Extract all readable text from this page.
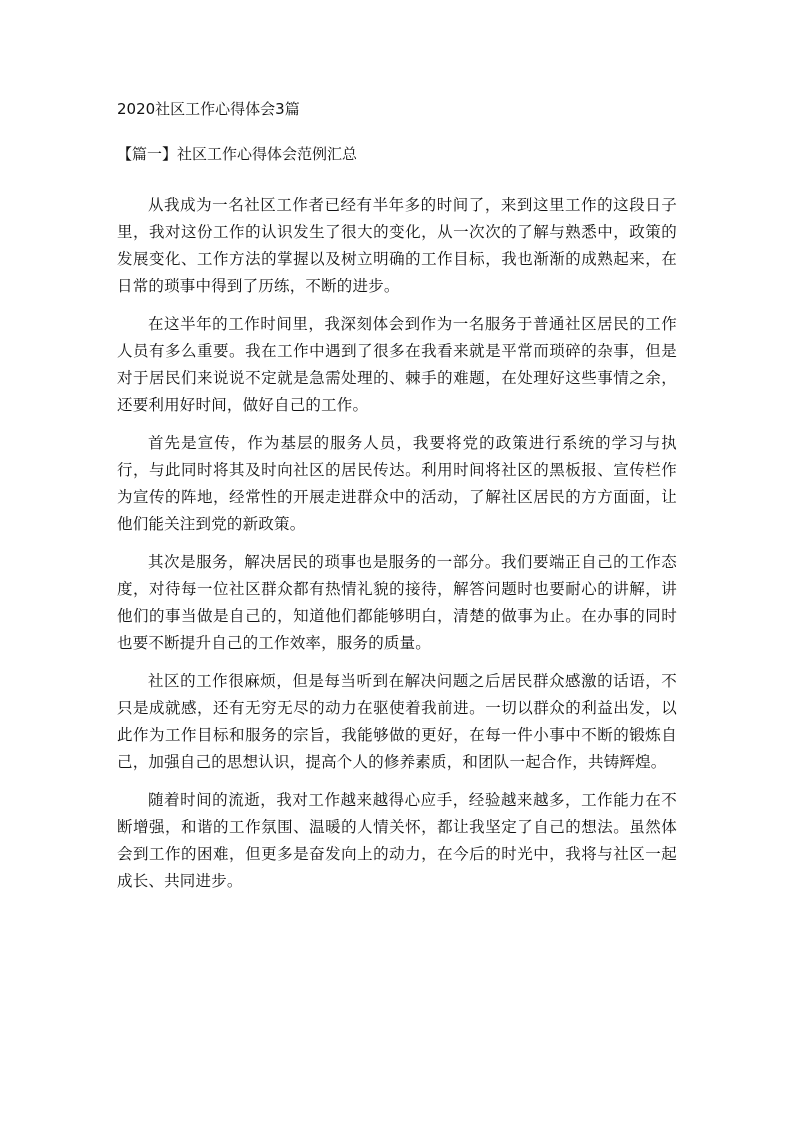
2020社区工作心得体会3篇
【篇一】社区工作心得体会范例汇总

从我成为一名社区工作者已经有半年多的时间了，来到这里工作的这段日子里，我对这份工作的认识发生了很大的变化，从一次次的了解与熟悉中，政策的发展变化、工作方法的掌握以及树立明确的工作目标，我也渐渐的成熟起来，在日常的琐事中得到了历练，不断的进步。

在这半年的工作时间里，我深刻体会到作为一名服务于普通社区居民的工作人员有多么重要。我在工作中遇到了很多在我看来就是平常而琐碎的杂事，但是对于居民们来说说不定就是急需处理的、棘手的难题，在处理好这些事情之余，还要利用好时间，做好自己的工作。

首先是宣传，作为基层的服务人员，我要将党的政策进行系统的学习与执行，与此同时将其及时向社区的居民传达。利用时间将社区的黑板报、宣传栏作为宣传的阵地，经常性的开展走进群众中的活动，了解社区居民的方方面面，让他们能关注到党的新政策。

其次是服务，解决居民的琐事也是服务的一部分。我们要端正自己的工作态度，对待每一位社区群众都有热情礼貌的接待，解答问题时也要耐心的讲解，讲他们的事当做是自己的，知道他们都能够明白，清楚的做事为止。在办事的同时也要不断提升自己的工作效率，服务的质量。

社区的工作很麻烦，但是每当听到在解决问题之后居民群众感激的话语，不只是成就感，还有无穷无尽的动力在驱使着我前进。一切以群众的利益出发，以此作为工作目标和服务的宗旨，我能够做的更好，在每一件小事中不断的锻炼自己，加强自己的思想认识，提高个人的修养素质，和团队一起合作，共铸辉煌。

随着时间的流逝，我对工作越来越得心应手，经验越来越多，工作能力在不断增强，和谐的工作氛围、温暖的人情关怀，都让我坚定了自己的想法。虽然体会到工作的困难，但更多是奋发向上的动力，在今后的时光中，我将与社区一起成长、共同进步。
